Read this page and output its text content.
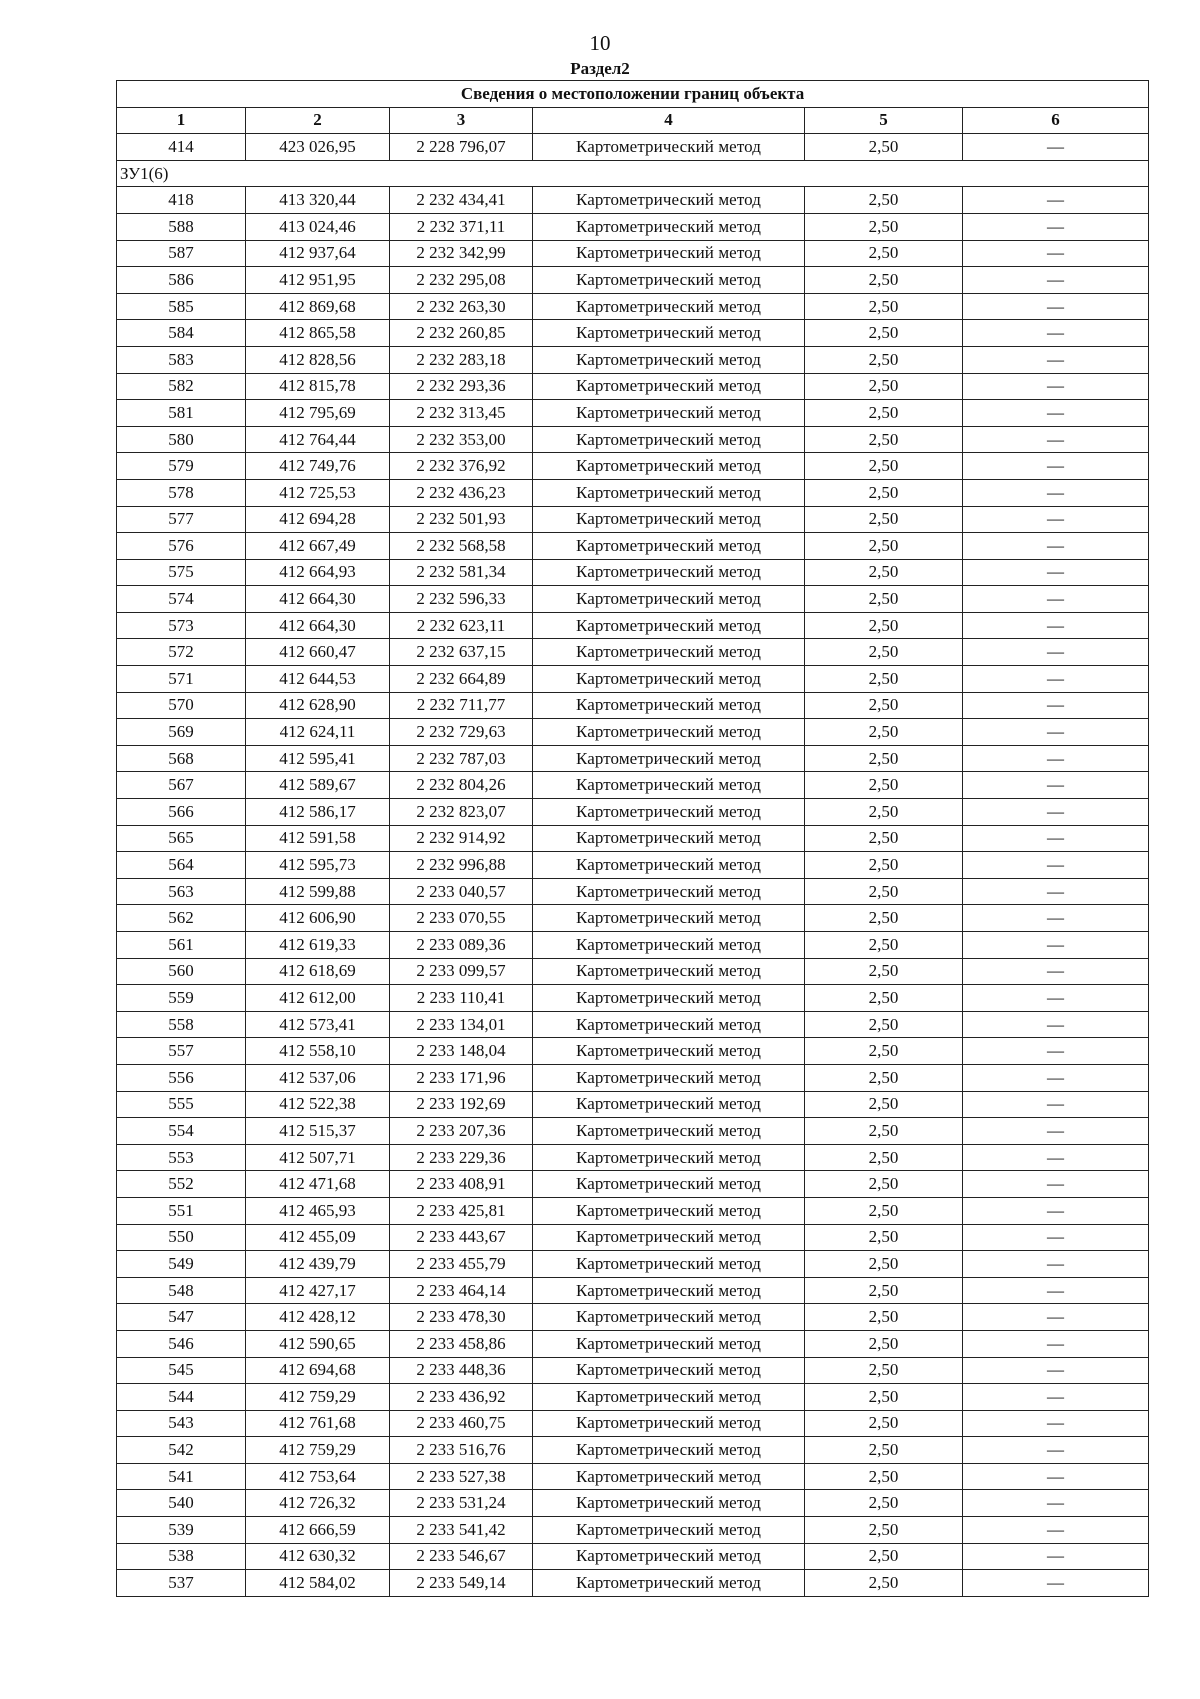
10
Раздел2
Сведения о местоположении границ объекта					
1	2	3	4	5	6
414	423 026,95	2 228 796,07	Картометрический метод	2,50	—
ЗУ1(6)					
418	413 320,44	2 232 434,41	Картометрический метод	2,50	—
588	413 024,46	2 232 371,11	Картометрический метод	2,50	—
587	412 937,64	2 232 342,99	Картометрический метод	2,50	—
586	412 951,95	2 232 295,08	Картометрический метод	2,50	—
585	412 869,68	2 232 263,30	Картометрический метод	2,50	—
584	412 865,58	2 232 260,85	Картометрический метод	2,50	—
583	412 828,56	2 232 283,18	Картометрический метод	2,50	—
582	412 815,78	2 232 293,36	Картометрический метод	2,50	—
581	412 795,69	2 232 313,45	Картометрический метод	2,50	—
580	412 764,44	2 232 353,00	Картометрический метод	2,50	—
579	412 749,76	2 232 376,92	Картометрический метод	2,50	—
578	412 725,53	2 232 436,23	Картометрический метод	2,50	—
577	412 694,28	2 232 501,93	Картометрический метод	2,50	—
576	412 667,49	2 232 568,58	Картометрический метод	2,50	—
575	412 664,93	2 232 581,34	Картометрический метод	2,50	—
574	412 664,30	2 232 596,33	Картометрический метод	2,50	—
573	412 664,30	2 232 623,11	Картометрический метод	2,50	—
572	412 660,47	2 232 637,15	Картометрический метод	2,50	—
571	412 644,53	2 232 664,89	Картометрический метод	2,50	—
570	412 628,90	2 232 711,77	Картометрический метод	2,50	—
569	412 624,11	2 232 729,63	Картометрический метод	2,50	—
568	412 595,41	2 232 787,03	Картометрический метод	2,50	—
567	412 589,67	2 232 804,26	Картометрический метод	2,50	—
566	412 586,17	2 232 823,07	Картометрический метод	2,50	—
565	412 591,58	2 232 914,92	Картометрический метод	2,50	—
564	412 595,73	2 232 996,88	Картометрический метод	2,50	—
563	412 599,88	2 233 040,57	Картометрический метод	2,50	—
562	412 606,90	2 233 070,55	Картометрический метод	2,50	—
561	412 619,33	2 233 089,36	Картометрический метод	2,50	—
560	412 618,69	2 233 099,57	Картометрический метод	2,50	—
559	412 612,00	2 233 110,41	Картометрический метод	2,50	—
558	412 573,41	2 233 134,01	Картометрический метод	2,50	—
557	412 558,10	2 233 148,04	Картометрический метод	2,50	—
556	412 537,06	2 233 171,96	Картометрический метод	2,50	—
555	412 522,38	2 233 192,69	Картометрический метод	2,50	—
554	412 515,37	2 233 207,36	Картометрический метод	2,50	—
553	412 507,71	2 233 229,36	Картометрический метод	2,50	—
552	412 471,68	2 233 408,91	Картометрический метод	2,50	—
551	412 465,93	2 233 425,81	Картометрический метод	2,50	—
550	412 455,09	2 233 443,67	Картометрический метод	2,50	—
549	412 439,79	2 233 455,79	Картометрический метод	2,50	—
548	412 427,17	2 233 464,14	Картометрический метод	2,50	—
547	412 428,12	2 233 478,30	Картометрический метод	2,50	—
546	412 590,65	2 233 458,86	Картометрический метод	2,50	—
545	412 694,68	2 233 448,36	Картометрический метод	2,50	—
544	412 759,29	2 233 436,92	Картометрический метод	2,50	—
543	412 761,68	2 233 460,75	Картометрический метод	2,50	—
542	412 759,29	2 233 516,76	Картометрический метод	2,50	—
541	412 753,64	2 233 527,38	Картометрический метод	2,50	—
540	412 726,32	2 233 531,24	Картометрический метод	2,50	—
539	412 666,59	2 233 541,42	Картометрический метод	2,50	—
538	412 630,32	2 233 546,67	Картометрический метод	2,50	—
537	412 584,02	2 233 549,14	Картометрический метод	2,50	—
